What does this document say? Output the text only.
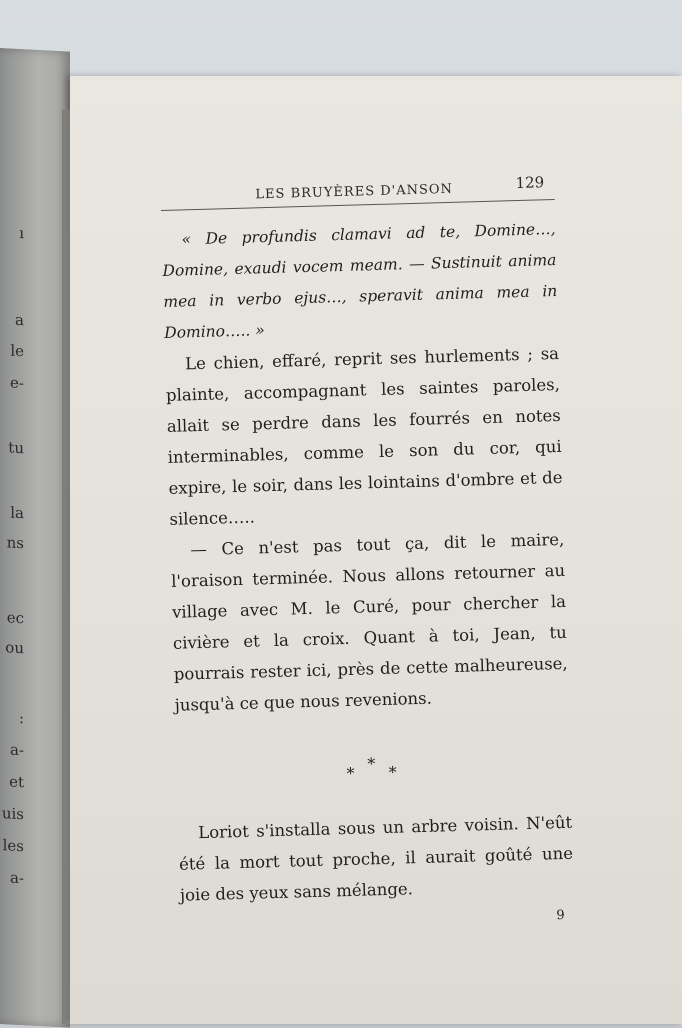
ı
a
le
e-
tu
la
ns
ec
ou
:
a-
et
uis
les
a-
LES BRUYÈRES D'ANSON	129

« De profundis clamavi ad te, Domine…, Domine, exaudi vocem meam. — Sustinuit anima mea in verbo ejus…, speravit anima mea in Domino….. »

Le chien, effaré, reprit ses hurlements ; sa plainte, accompagnant les saintes paroles, allait se perdre dans les fourrés en notes interminables, comme le son du cor, qui expire, le soir, dans les lointains d'ombre et de silence…..

— Ce n'est pas tout ça, dit le maire, l'oraison terminée. Nous allons retourner au village avec M. le Curé, pour chercher la civière et la croix. Quant à toi, Jean, tu pourrais rester ici, près de cette malheureuse, jusqu'à ce que nous revenions.

* * *

Loriot s'installa sous un arbre voisin. N'eût été la mort tout proche, il aurait goûté une joie des yeux sans mélange.

9
